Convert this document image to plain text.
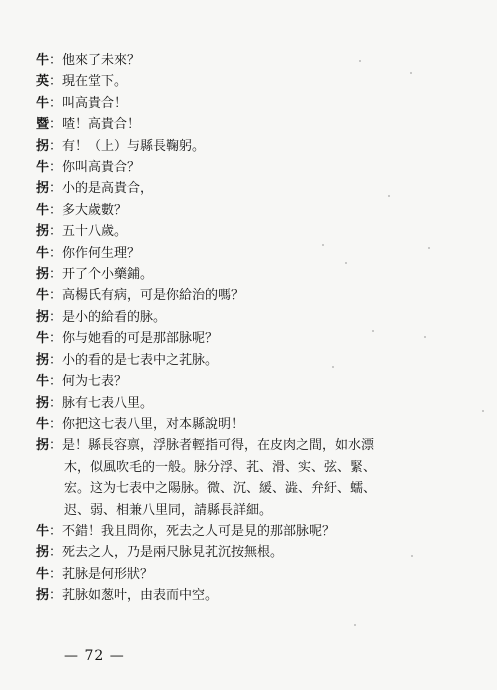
牛 ： 他來了未來？
英 ： 現在堂下。
牛 ： 叫高貴合！
暨 ： 喳！高貴合！
拐 ： 有！（上）与縣長鞠躬。
牛 ： 你叫高貴合？
拐 ： 小的是高貴合，
牛 ： 多大歲數？
拐 ： 五十八歲。
牛 ： 你作何生理？
拐 ： 开了个小藥鋪。
牛 ： 高楊氏有病，可是你給治的嗎？
拐 ： 是小的給看的脉。
牛 ： 你与她看的可是那部脉呢？
拐 ： 小的看的是七表中之芤脉。
牛 ： 何为七表？
拐 ： 脉有七表八里。
牛 ： 你把这七表八里，对本縣說明！
拐 ： 是！縣長容禀，浮脉者輕指可得，在皮肉之間，如水漂
木，似風吹毛的一般。脉分浮、芤、滑、实、弦、緊、
宏。这为七表中之陽脉。微、沉、緩、澁、弁紆、蠕、
迟、弱、相兼八里同，請縣長詳細。
牛 ： 不錯！我且問你，死去之人可是見的那部脉呢？
拐 ： 死去之人，乃是兩尺脉見芤沉按無根。
牛 ： 芤脉是何形狀？
拐 ： 芤脉如葱叶，由表而中空。
— 72 —
